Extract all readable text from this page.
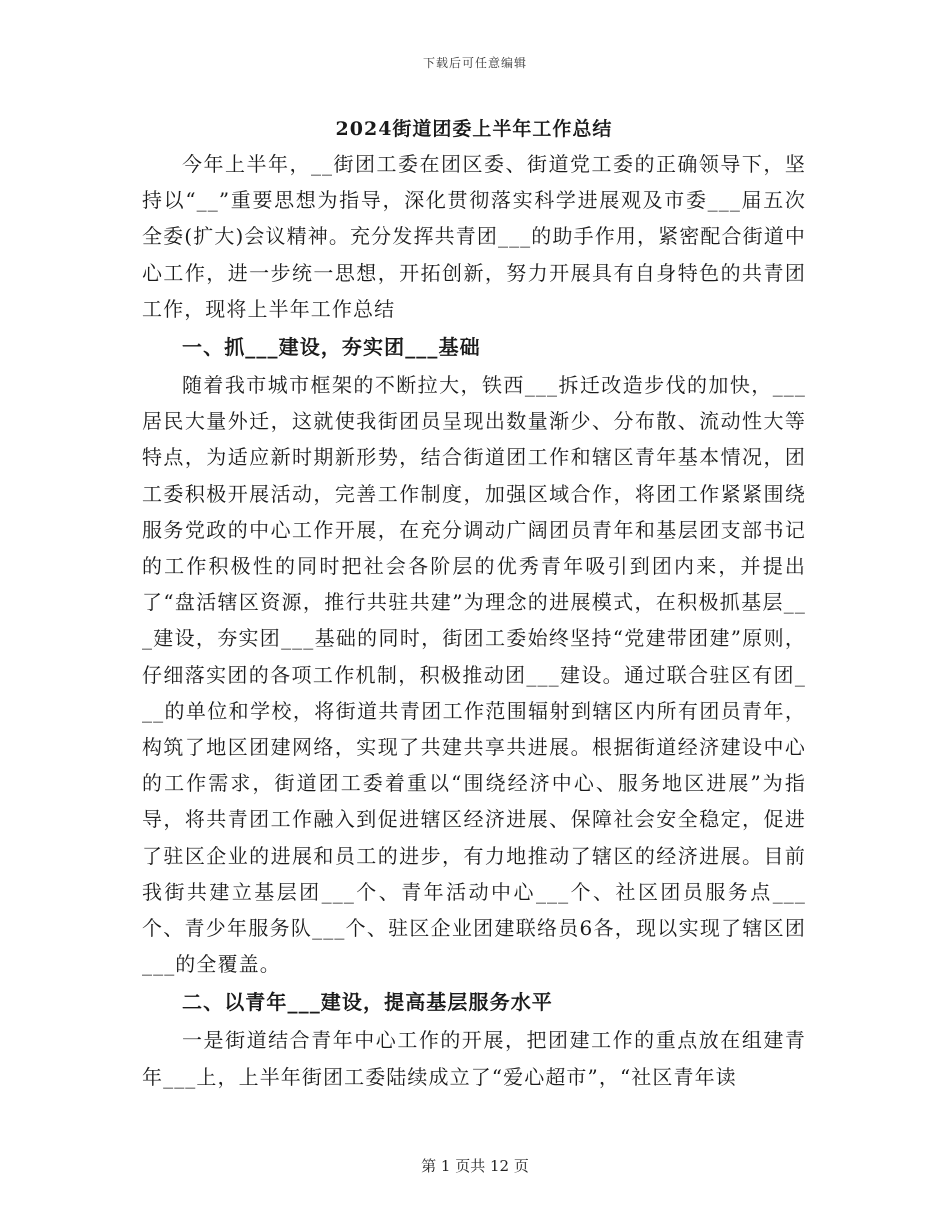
下载后可任意编辑
2024街道团委上半年工作总结

今年上半年，__街团工委在团区委、街道党工委的正确领导下，坚持以“__”重要思想为指导，深化贯彻落实科学进展观及市委___届五次全委(扩大)会议精神。充分发挥共青团___的助手作用，紧密配合街道中心工作，进一步统一思想，开拓创新，努力开展具有自身特色的共青团工作，现将上半年工作总结

一、抓___建设，夯实团___基础

随着我市城市框架的不断拉大，铁西___拆迁改造步伐的加快，___居民大量外迁，这就使我街团员呈现出数量渐少、分布散、流动性大等特点，为适应新时期新形势，结合街道团工作和辖区青年基本情况，团工委积极开展活动，完善工作制度，加强区域合作，将团工作紧紧围绕服务党政的中心工作开展，在充分调动广阔团员青年和基层团支部书记的工作积极性的同时把社会各阶层的优秀青年吸引到团内来，并提出了“盘活辖区资源，推行共驻共建”为理念的进展模式，在积极抓基层___建设，夯实团___基础的同时，街团工委始终坚持“党建带团建”原则，仔细落实团的各项工作机制，积极推动团___建设。通过联合驻区有团___的单位和学校，将街道共青团工作范围辐射到辖区内所有团员青年，构筑了地区团建网络，实现了共建共享共进展。根据街道经济建设中心的工作需求，街道团工委着重以“围绕经济中心、服务地区进展”为指导，将共青团工作融入到促进辖区经济进展、保障社会安全稳定，促进了驻区企业的进展和员工的进步，有力地推动了辖区的经济进展。目前我街共建立基层团___个、青年活动中心___个、社区团员服务点___个、青少年服务队___个、驻区企业团建联络员6各，现以实现了辖区团___的全覆盖。

二、以青年___建设，提高基层服务水平

一是街道结合青年中心工作的开展，把团建工作的重点放在组建青年___上，上半年街团工委陆续成立了“爱心超市”，“社区青年读

第 1 页共 12 页
